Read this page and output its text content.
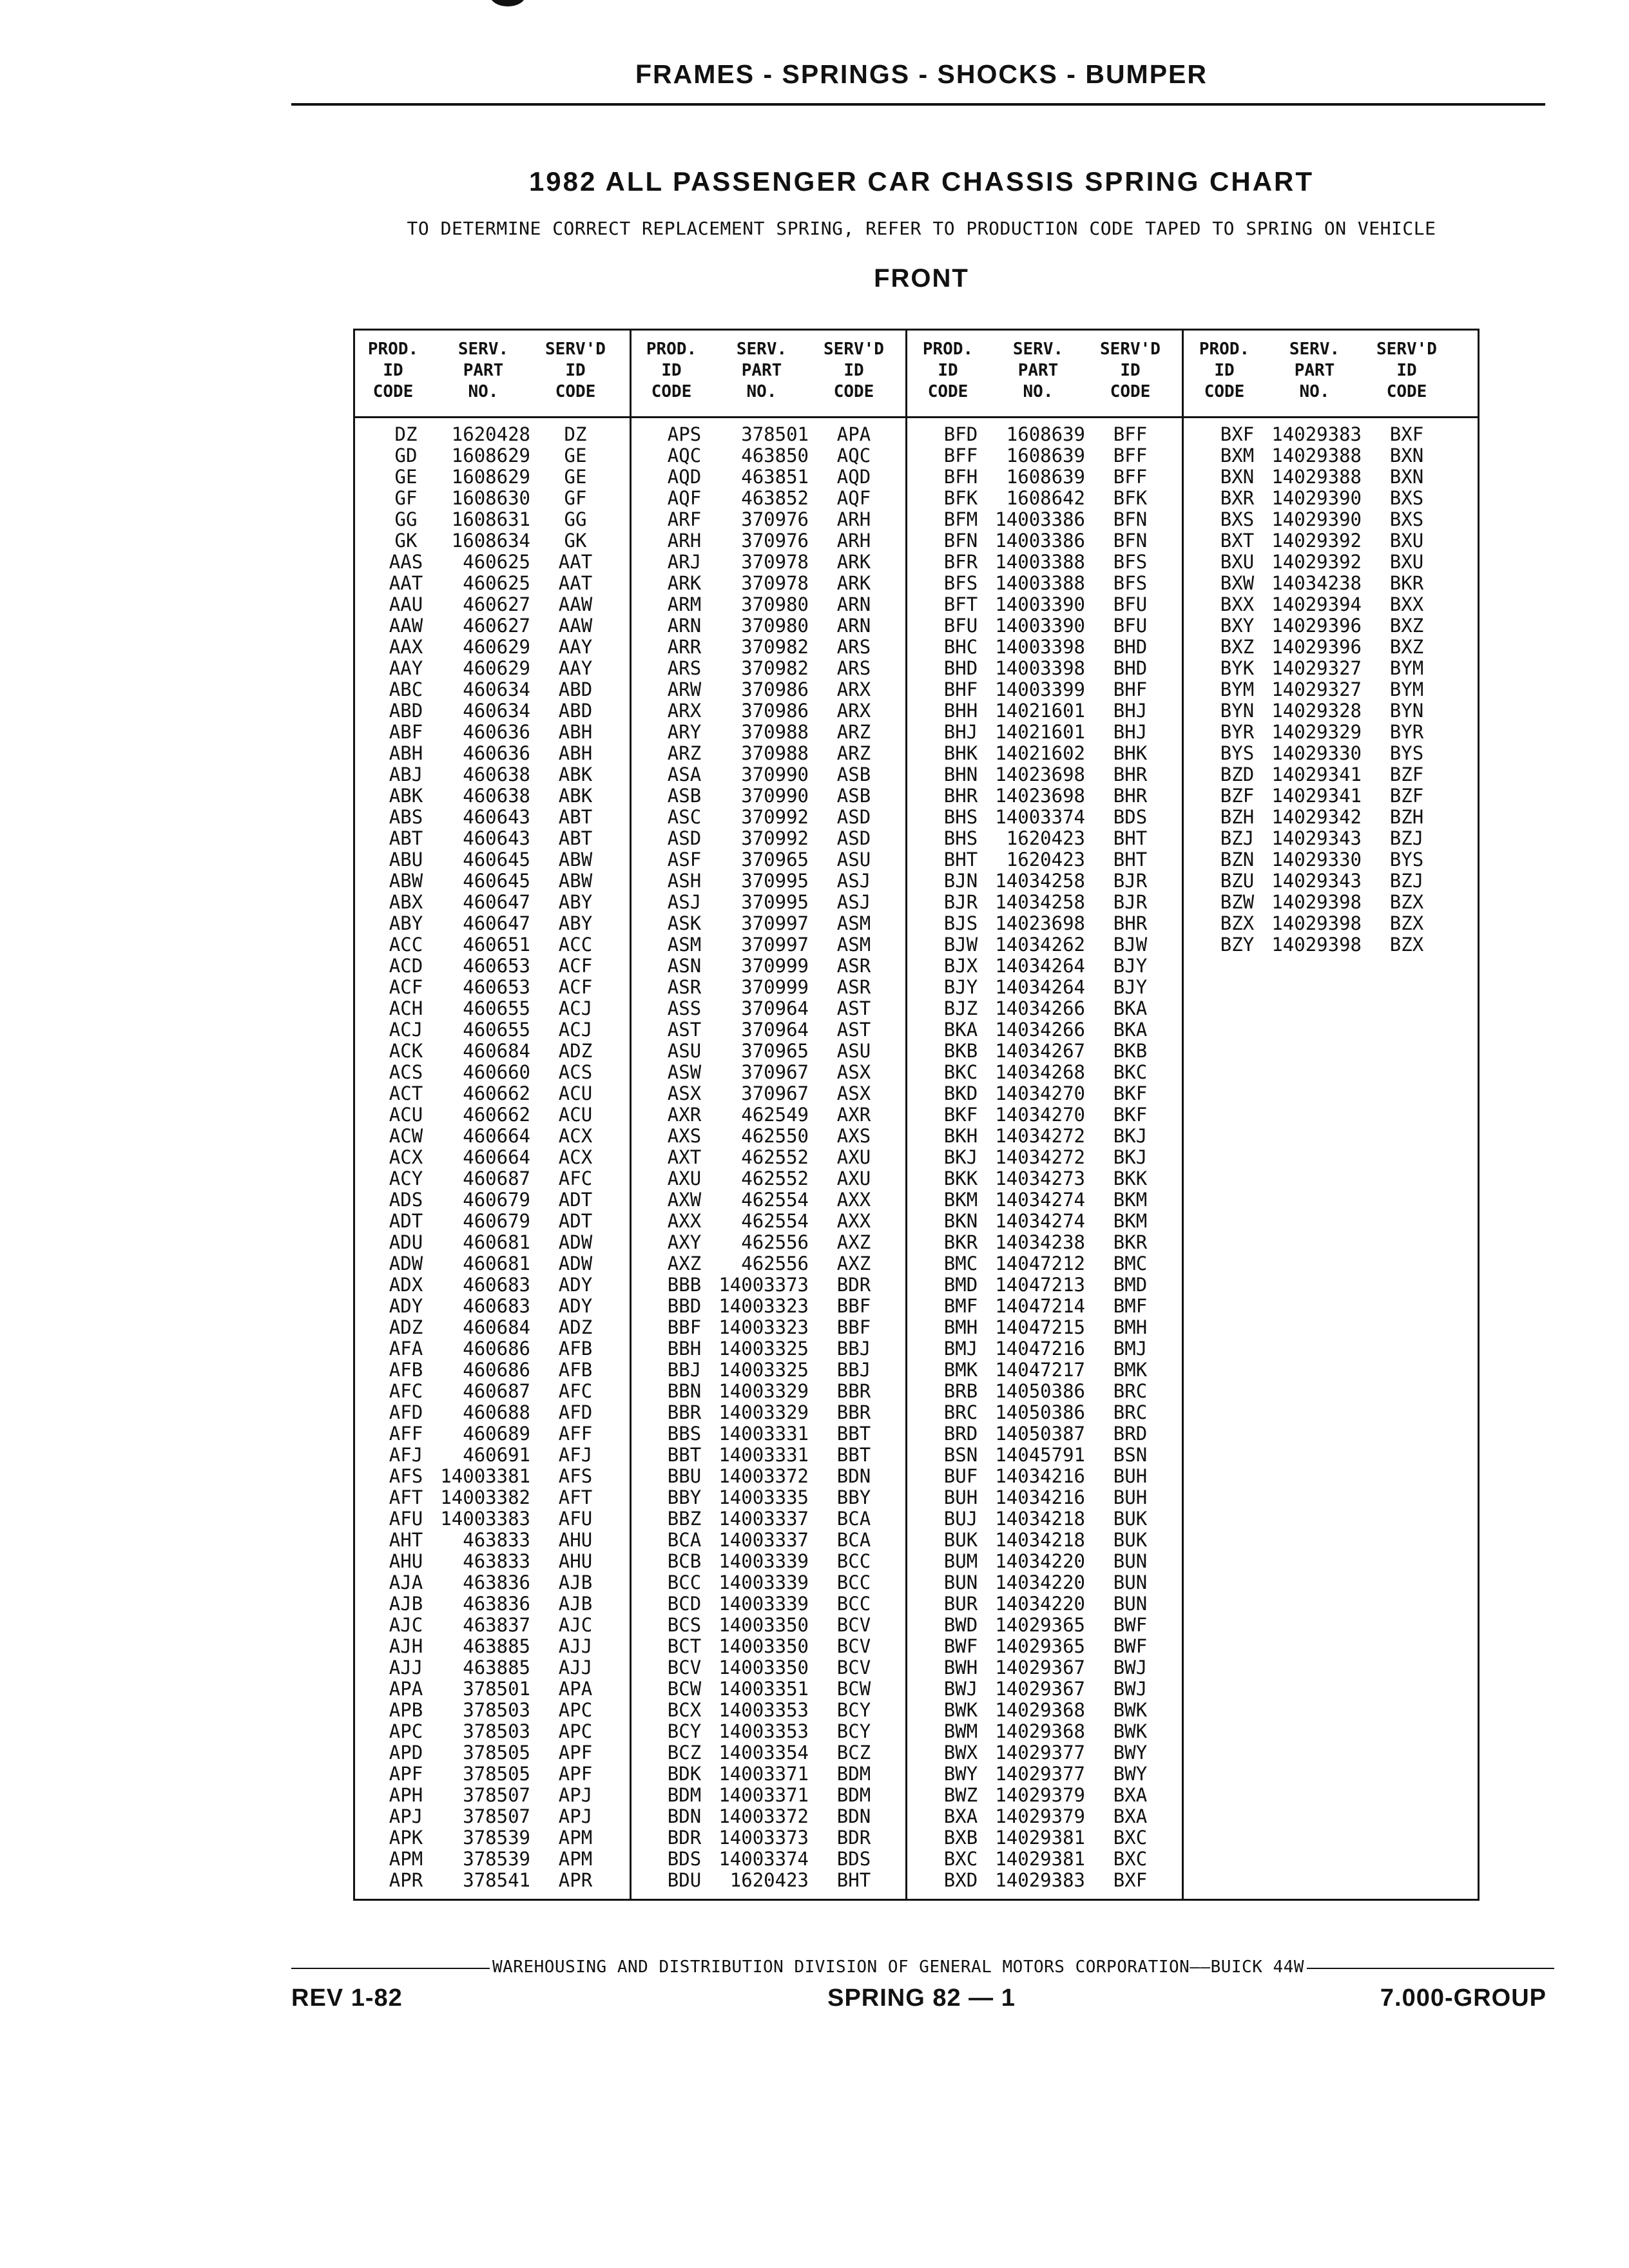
FRAMES - SPRINGS - SHOCKS - BUMPER
1982 ALL PASSENGER CAR CHASSIS SPRING CHART
TO DETERMINE CORRECT REPLACEMENT SPRING, REFER TO PRODUCTION CODE TAPED TO SPRING ON VEHICLE
FRONT
PROD.
ID
CODE
SERV.
PART
NO.
SERV'D
ID
CODE
DZ	1620428	DZ
GD	1608629	GE
GE	1608629	GE
GF	1608630	GF
GG	1608631	GG
GK	1608634	GK
AAS	460625	AAT
AAT	460625	AAT
AAU	460627	AAW
AAW	460627	AAW
AAX	460629	AAY
AAY	460629	AAY
ABC	460634	ABD
ABD	460634	ABD
ABF	460636	ABH
ABH	460636	ABH
ABJ	460638	ABK
ABK	460638	ABK
ABS	460643	ABT
ABT	460643	ABT
ABU	460645	ABW
ABW	460645	ABW
ABX	460647	ABY
ABY	460647	ABY
ACC	460651	ACC
ACD	460653	ACF
ACF	460653	ACF
ACH	460655	ACJ
ACJ	460655	ACJ
ACK	460684	ADZ
ACS	460660	ACS
ACT	460662	ACU
ACU	460662	ACU
ACW	460664	ACX
ACX	460664	ACX
ACY	460687	AFC
ADS	460679	ADT
ADT	460679	ADT
ADU	460681	ADW
ADW	460681	ADW
ADX	460683	ADY
ADY	460683	ADY
ADZ	460684	ADZ
AFA	460686	AFB
AFB	460686	AFB
AFC	460687	AFC
AFD	460688	AFD
AFF	460689	AFF
AFJ	460691	AFJ
AFS 14003381	AFS
AFT 14003382	AFT
AFU 14003383	AFU
AHT	463833	AHU
AHU	463833	AHU
AJA	463836	AJB
AJB	463836	AJB
AJC	463837	AJC
AJH	463885	AJJ
AJJ	463885	AJJ
APA	378501	APA
APB	378503	APC
APC	378503	APC
APD	378505	APF
APF	378505	APF
APH	378507	APJ
APJ	378507	APJ
APK	378539	APM
APM	378539	APM
APR	378541	APR
PROD.
ID
CODE
SERV.
PART
NO.
SERV'D
ID
CODE
APS	378501	APA
AQC	463850	AQC
AQD	463851	AQD
AQF	463852	AQF
ARF	370976	ARH
ARH	370976	ARH
ARJ	370978	ARK
ARK	370978	ARK
ARM	370980	ARN
ARN	370980	ARN
ARR	370982	ARS
ARS	370982	ARS
ARW	370986	ARX
ARX	370986	ARX
ARY	370988	ARZ
ARZ	370988	ARZ
ASA	370990	ASB
ASB	370990	ASB
ASC	370992	ASD
ASD	370992	ASD
ASF	370965	ASU
ASH	370995	ASJ
ASJ	370995	ASJ
ASK	370997	ASM
ASM	370997	ASM
ASN	370999	ASR
ASR	370999	ASR
ASS	370964	AST
AST	370964	AST
ASU	370965	ASU
ASW	370967	ASX
ASX	370967	ASX
AXR	462549	AXR
AXS	462550	AXS
AXT	462552	AXU
AXU	462552	AXU
AXW	462554	AXX
AXX	462554	AXX
AXY	462556	AXZ
AXZ	462556	AXZ
BBB 14003373	BDR
BBD 14003323	BBF
BBF 14003323	BBF
BBH 14003325	BBJ
BBJ 14003325	BBJ
BBN 14003329	BBR
BBR 14003329	BBR
BBS 14003331	BBT
BBT 14003331	BBT
BBU 14003372	BDN
BBY 14003335	BBY
BBZ 14003337	BCA
BCA 14003337	BCA
BCB 14003339	BCC
BCC 14003339	BCC
BCD 14003339	BCC
BCS 14003350	BCV
BCT 14003350	BCV
BCV 14003350	BCV
BCW 14003351	BCW
BCX 14003353	BCY
BCY 14003353	BCY
BCZ 14003354	BCZ
BDK 14003371	BDM
BDM 14003371	BDM
BDN 14003372	BDN
BDR 14003373	BDR
BDS 14003374	BDS
BDU	1620423	BHT
PROD.
ID
CODE
SERV.
PART
NO.
SERV'D
ID
CODE
BFD	1608639	BFF
BFF	1608639	BFF
BFH	1608639	BFF
BFK	1608642	BFK
BFM 14003386	BFN
BFN 14003386	BFN
BFR 14003388	BFS
BFS 14003388	BFS
BFT 14003390	BFU
BFU 14003390	BFU
BHC 14003398	BHD
BHD 14003398	BHD
BHF 14003399	BHF
BHH 14021601	BHJ
BHJ 14021601	BHJ
BHK 14021602	BHK
BHN 14023698	BHR
BHR 14023698	BHR
BHS 14003374	BDS
BHS	1620423	BHT
BHT	1620423	BHT
BJN 14034258	BJR
BJR 14034258	BJR
BJS 14023698	BHR
BJW 14034262	BJW
BJX 14034264	BJY
BJY 14034264	BJY
BJZ 14034266	BKA
BKA 14034266	BKA
BKB 14034267	BKB
BKC 14034268	BKC
BKD 14034270	BKF
BKF 14034270	BKF
BKH 14034272	BKJ
BKJ 14034272	BKJ
BKK 14034273	BKK
BKM 14034274	BKM
BKN 14034274	BKM
BKR 14034238	BKR
BMC 14047212	BMC
BMD 14047213	BMD
BMF 14047214	BMF
BMH 14047215	BMH
BMJ 14047216	BMJ
BMK 14047217	BMK
BRB 14050386	BRC
BRC 14050386	BRC
BRD 14050387	BRD
BSN 14045791	BSN
BUF 14034216	BUH
BUH 14034216	BUH
BUJ 14034218	BUK
BUK 14034218	BUK
BUM 14034220	BUN
BUN 14034220	BUN
BUR 14034220	BUN
BWD 14029365	BWF
BWF 14029365	BWF
BWH 14029367	BWJ
BWJ 14029367	BWJ
BWK 14029368	BWK
BWM 14029368	BWK
BWX 14029377	BWY
BWY 14029377	BWY
BWZ 14029379	BXA
BXA 14029379	BXA
BXB 14029381	BXC
BXC 14029381	BXC
BXD 14029383	BXF
PROD.
ID
CODE
SERV.
PART
NO.
SERV'D
ID
CODE
BXF 14029383	BXF
BXM 14029388	BXN
BXN 14029388	BXN
BXR 14029390	BXS
BXS 14029390	BXS
BXT 14029392	BXU
BXU 14029392	BXU
BXW 14034238	BKR
BXX 14029394	BXX
BXY 14029396	BXZ
BXZ 14029396	BXZ
BYK 14029327	BYM
BYM 14029327	BYM
BYN 14029328	BYN
BYR 14029329	BYR
BYS 14029330	BYS
BZD 14029341	BZF
BZF 14029341	BZF
BZH 14029342	BZH
BZJ 14029343	BZJ
BZN 14029330	BYS
BZU 14029343	BZJ
BZW 14029398	BZX
BZX 14029398	BZX
BZY 14029398	BZX
WAREHOUSING AND DISTRIBUTION DIVISION OF GENERAL MOTORS CORPORATION——BUICK 44W
REV 1-82	SPRING 82 — 1	7.000-GROUP
